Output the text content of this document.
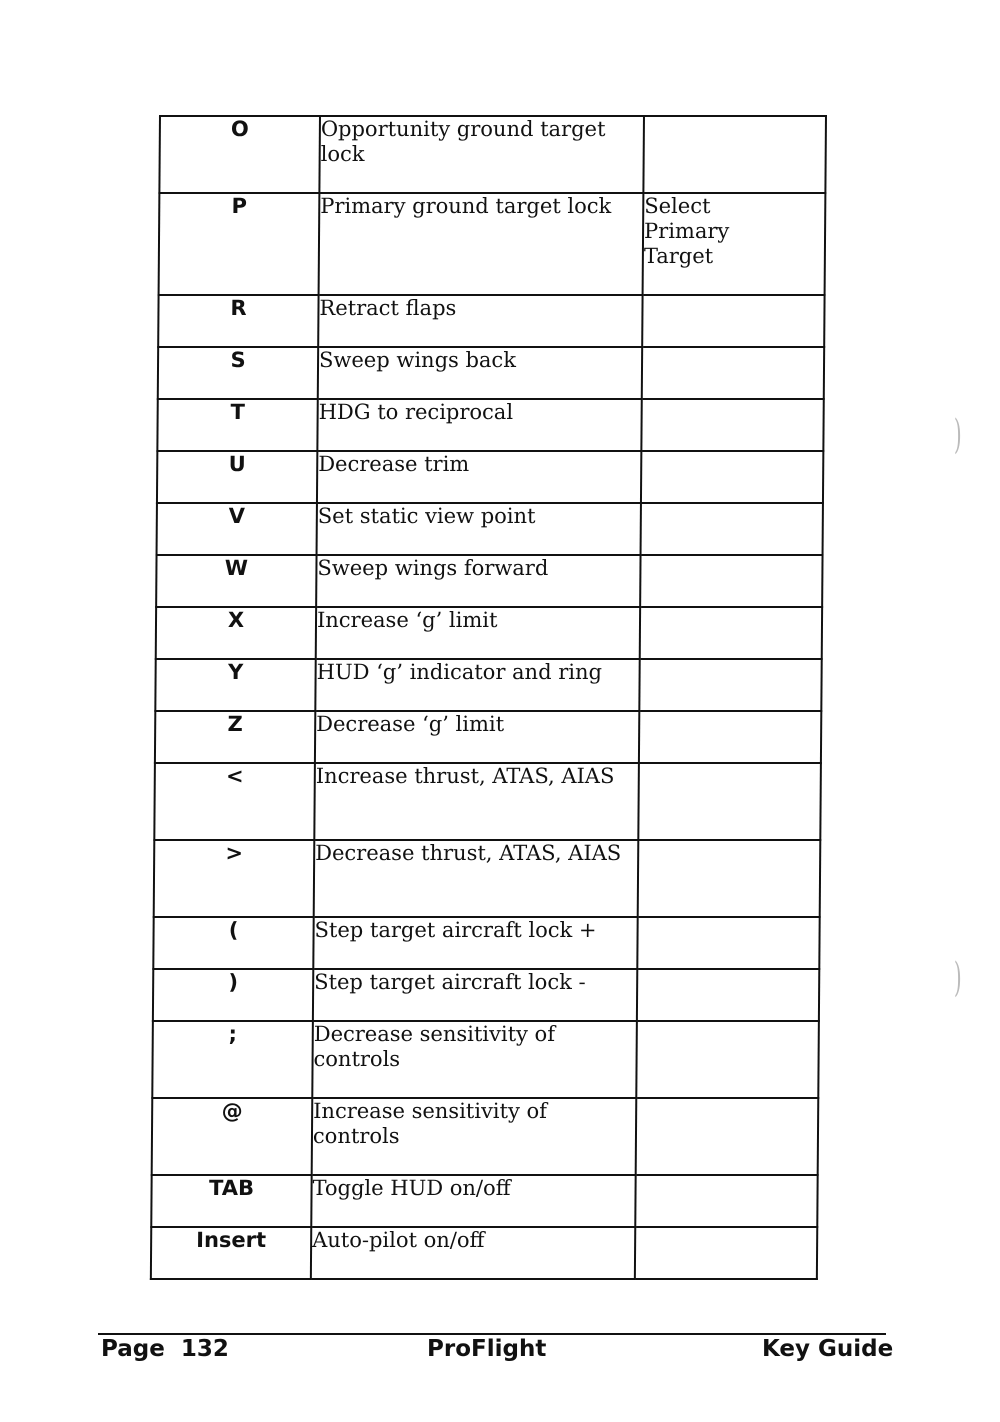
O	Opportunity ground target lock	
P	Primary ground target lock	Select Primary Target
R	Retract flaps	
S	Sweep wings back	
T	HDG to reciprocal	
U	Decrease trim	
V	Set static view point	
W	Sweep wings forward	
X	Increase ‘g’ limit	
Y	HUD ‘g’ indicator and ring	
Z	Decrease ‘g’ limit	
<	Increase thrust, ATAS, AIAS	
>	Decrease thrust, ATAS, AIAS	
(	Step target aircraft lock +	
)	Step target aircraft lock -	
;	Decrease sensitivity of controls	
@	Increase sensitivity of controls	
TAB	Toggle HUD on/off	
Insert	Auto-pilot on/off	
)
)
Page  132	ProFlight	Key Guide
